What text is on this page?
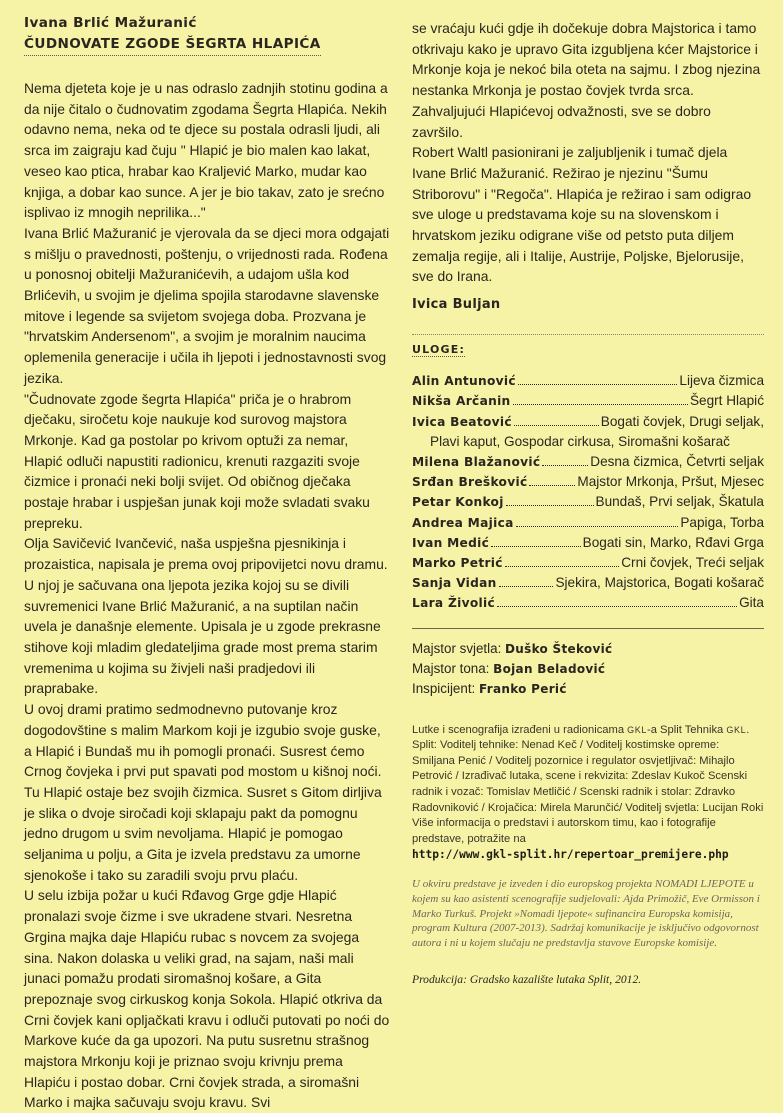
Ivana Brlić Mažuranić
ČUDNOVATE ZGODE ŠEGRTA HLAPIĆA

Nema djeteta koje je u nas odraslo zadnjih stotinu godina a da nije čitalo o čudnovatim zgodama Šegrta Hlapića. Nekih odavno nema, neka od te djece su postala odrasli ljudi, ali srca im zaigraju kad čuju " Hlapić je bio malen kao lakat, veseo kao ptica, hrabar kao Kraljević Marko, mudar kao knjiga, a dobar kao sunce. A jer je bio takav, zato je srećno isplivao iz mnogih neprilika..."

Ivana Brlić Mažuranić je vjerovala da se djeci mora odgajati s mišlju o pravednosti, poštenju, o vrijednosti rada. Rođena u ponosnoj obitelji Mažuranićevih, a udajom ušla kod Brlićevih, u svojim je djelima spojila starodavne slavenske mitove i legende sa svijetom svojega doba. Prozvana je "hrvatskim Andersenom", a svojim je moralnim naucima oplemenila generacije i učila ih ljepoti i jednostavnosti svog jezika.

"Čudnovate zgode šegrta Hlapića" priča je o hrabrom dječaku, siročetu koje naukuje kod surovog majstora Mrkonje. Kad ga postolar po krivom optuži za nemar, Hlapić odluči napustiti radionicu, krenuti razgaziti svoje čizmice i pronaći neki bolji svijet. Od običnog dječaka postaje hrabar i uspješan junak koji može svladati svaku prepreku.

Olja Savičević Ivančević, naša uspješna pjesnikinja i prozaistica, napisala je prema ovoj pripovijetci novu dramu. U njoj je sačuvana ona ljepota jezika kojoj su se divili suvremenici Ivane Brlić Mažuranić, a na suptilan način uvela je današnje elemente. Upisala je u zgode prekrasne stihove koji mladim gledateljima grade most prema starim vremenima u kojima su živjeli naši pradjedovi ili praprabake.

U ovoj drami pratimo sedmodnevno putovanje kroz dogodovštine s malim Markom koji je izgubio svoje guske, a Hlapić i Bundaš mu ih pomogli pronaći. Susrest ćemo Crnog čovjeka i prvi put spavati pod mostom u kišnoj noći. Tu Hlapić ostaje bez svojih čizmica. Susret s Gitom dirljiva je slika o dvoje siročadi koji sklapaju pakt da pomognu jedno drugom u svim nevoljama. Hlapić je pomogao seljanima u polju, a Gita je izvela predstavu za umorne sjenokoše i tako su zaradili svoju prvu plaću.

U selu izbija požar u kući Rđavog Grge gdje Hlapić pronalazi svoje čizme i sve ukradene stvari. Nesretna Grgina majka daje Hlapiću rubac s novcem za svojega sina. Nakon dolaska u veliki grad, na sajam, naši mali junaci pomažu prodati siromašnoj košare, a Gita prepoznaje svog cirkuskog konja Sokola. Hlapić otkriva da Crni čovjek kani opljačkati kravu i odluči putovati po noći do Markove kuće da ga upozori. Na putu susretnu strašnog majstora Mrkonju koji je priznao svoju krivnju prema Hlapiću i postao dobar. Crni čovjek strada, a siromašni Marko i majka sačuvaju svoju kravu. Svi

se vraćaju kući gdje ih dočekuje dobra Majstorica i tamo otkrivaju kako je upravo Gita izgubljena kćer Majstorice i Mrkonje koja je nekoć bila oteta na sajmu. I zbog njezina nestanka Mrkonja je postao čovjek tvrda srca. Zahvaljujući Hlapićevoj odvažnosti, sve se dobro završilo.

Robert Waltl pasionirani je zaljubljenik i tumač djela Ivane Brlić Mažuranić. Režirao je njezinu "Šumu Striborovu" i "Regoča". Hlapića je režirao i sam odigrao sve uloge u predstavama koje su na slovenskom i hrvatskom jeziku odigrane više od petsto puta diljem zemalja regije, ali i Italije, Austrije, Poljske, Bjelorusije, sve do Irana.

Ivica Buljan
ULOGE:
Alin Antunović	Lijeva čizmica
Nikša Arčanin	Šegrt Hlapić
Ivica Beatović	Bogati čovjek, Drugi seljak,
Plavi kaput, Gospodar cirkusa, Siromašni košarač
Milena Blažanović	Desna čizmica, Četvrti seljak
Srđan Brešković	Majstor Mrkonja, Pršut, Mjesec
Petar Konkoj	Bundaš, Prvi seljak, Škatula
Andrea Majica	Papiga, Torba
Ivan Medić	Bogati sin, Marko, Rđavi Grga
Marko Petrić	Crni čovjek, Treći seljak
Sanja Vidan	Sjekira, Majstorica, Bogati košarač
Lara Živolić	Gita
Majstor svjetla: Duško Šteković
Majstor tona: Bojan Beladović
Inspicijent: Franko Perić
Lutke i scenografija izrađeni u radionicama GKL-a Split Tehnika GKL. Split: Voditelj tehnike: Nenad Keč / Voditelj kostimske opreme: Smiljana Penić / Voditelj pozornice i regulator osvjetljivač: Mihajlo Petrović / Izrađivač lutaka, scene i rekvizita: Zdeslav Kukoč Scenski radnik i vozač: Tomislav Metličić / Scenski radnik i stolar: Zdravko Radovniković / Krojačica: Mirela Marunčić/ Voditelj svjetla: Lucijan Roki
Više informacija o predstavi i autorskom timu, kao i fotografije predstave, potražite na
http://www.gkl-split.hr/repertoar_premijere.php
U okviru predstave je izveden i dio europskog projekta NOMADI LJEPOTE u kojem su kao asistenti scenografije sudjelovali: Ajda Primožič, Eve Ormisson i Marko Turkuš. Projekt »Nomadi ljepote« sufinancira Europska komisija, program Kultura (2007-2013). Sadržaj komunikacije je isključivo odgovornost autora i ni u kojem slučaju ne predstavlja stavove Europske komisije.
Produkcija: Gradsko kazalište lutaka Split, 2012.
